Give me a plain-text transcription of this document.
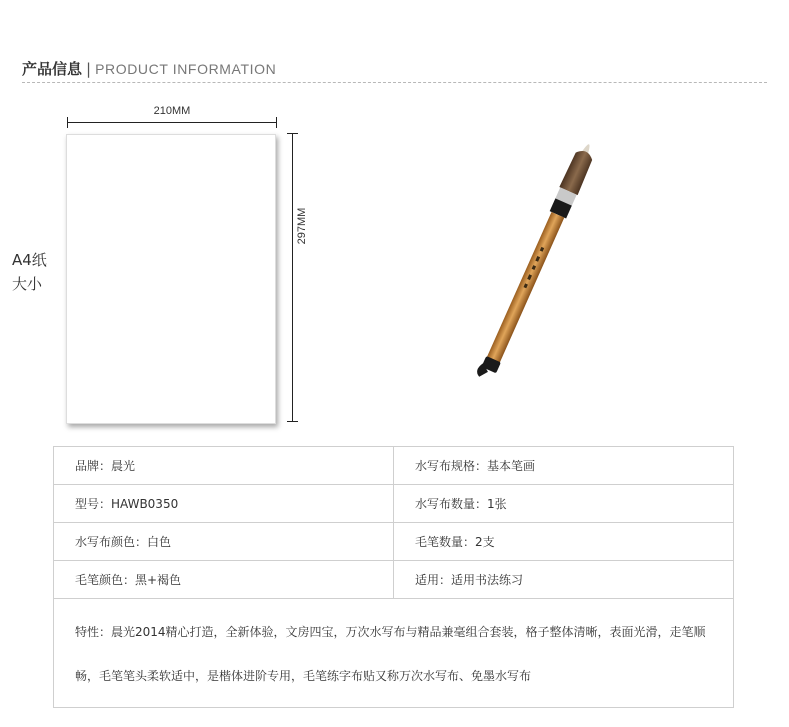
产品信息 | PRODUCT INFORMATION
210MM
297MM
A4纸
大小
品牌：晨光	水写布规格：基本笔画
型号：HAWB0350	水写布数量：1张
水写布颜色：白色	毛笔数量：2支
毛笔颜色：黑+褐色	适用：适用书法练习
特性：晨光2014精心打造，全新体验，文房四宝，万次水写布与精品兼毫组合套装，格子整体清晰，表面光滑，走笔顺畅，毛笔笔头柔软适中，是楷体进阶专用，毛笔练字布贴又称万次水写布、免墨水写布	
